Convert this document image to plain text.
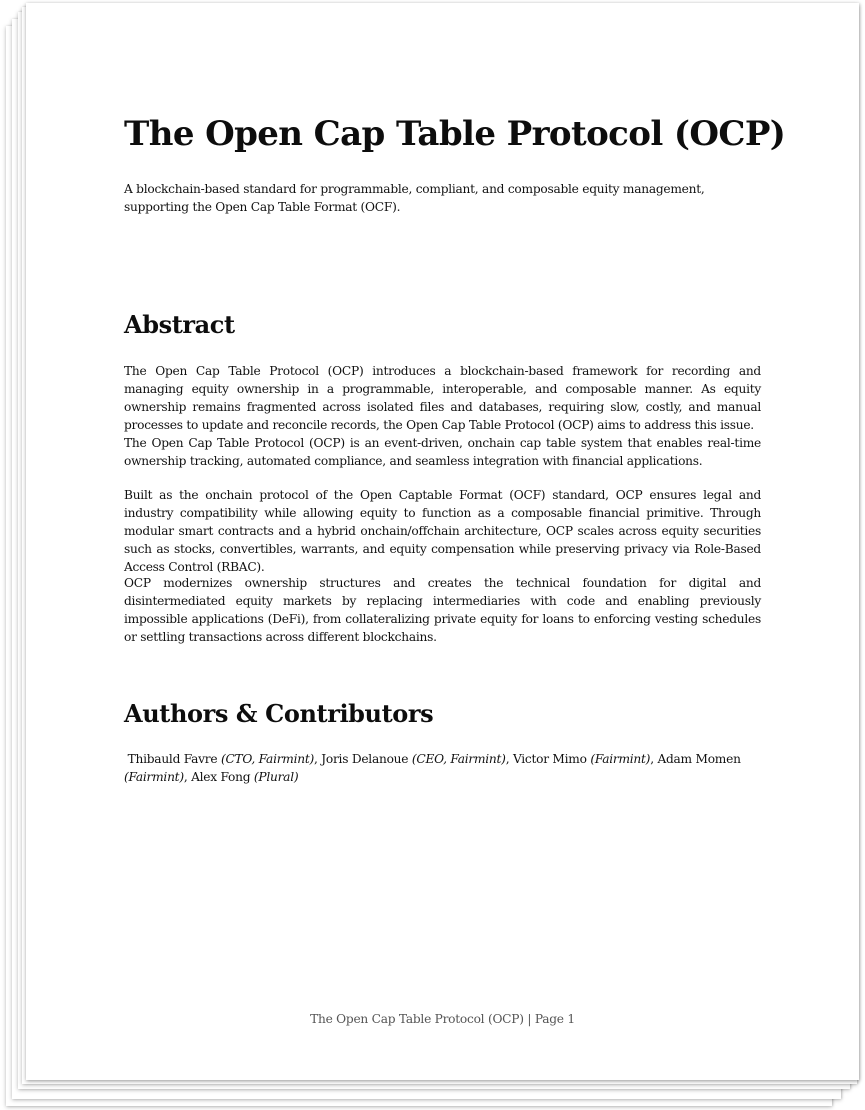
The Open Cap Table Protocol (OCP)
A blockchain-based standard for programmable, compliant, and composable equity management, supporting the Open Cap Table Format (OCF).
Abstract
The Open Cap Table Protocol (OCP) introduces a blockchain-based framework for recording and managing equity ownership in a programmable, interoperable, and composable manner. As equity ownership remains fragmented across isolated files and databases, requiring slow, costly, and manual processes to update and reconcile records, the Open Cap Table Protocol (OCP) aims to address this issue.
The Open Cap Table Protocol (OCP) is an event-driven, onchain cap table system that enables real-time ownership tracking, automated compliance, and seamless integration with financial applications.

Built as the onchain protocol of the Open Captable Format (OCF) standard, OCP ensures legal and industry compatibility while allowing equity to function as a composable financial primitive. Through modular smart contracts and a hybrid onchain/offchain architecture, OCP scales across equity securities such as stocks, convertibles, warrants, and equity compensation while preserving privacy via Role-Based Access Control (RBAC).

OCP modernizes ownership structures and creates the technical foundation for digital and disintermediated equity markets by replacing intermediaries with code and enabling previously impossible applications (DeFi), from collateralizing private equity for loans to enforcing vesting schedules or settling transactions across different blockchains.

Authors & Contributors
Thibauld Favre (CTO, Fairmint), Joris Delanoue (CEO, Fairmint), Victor Mimo (Fairmint), Adam Momen (Fairmint), Alex Fong (Plural)
The Open Cap Table Protocol (OCP) | Page 1
